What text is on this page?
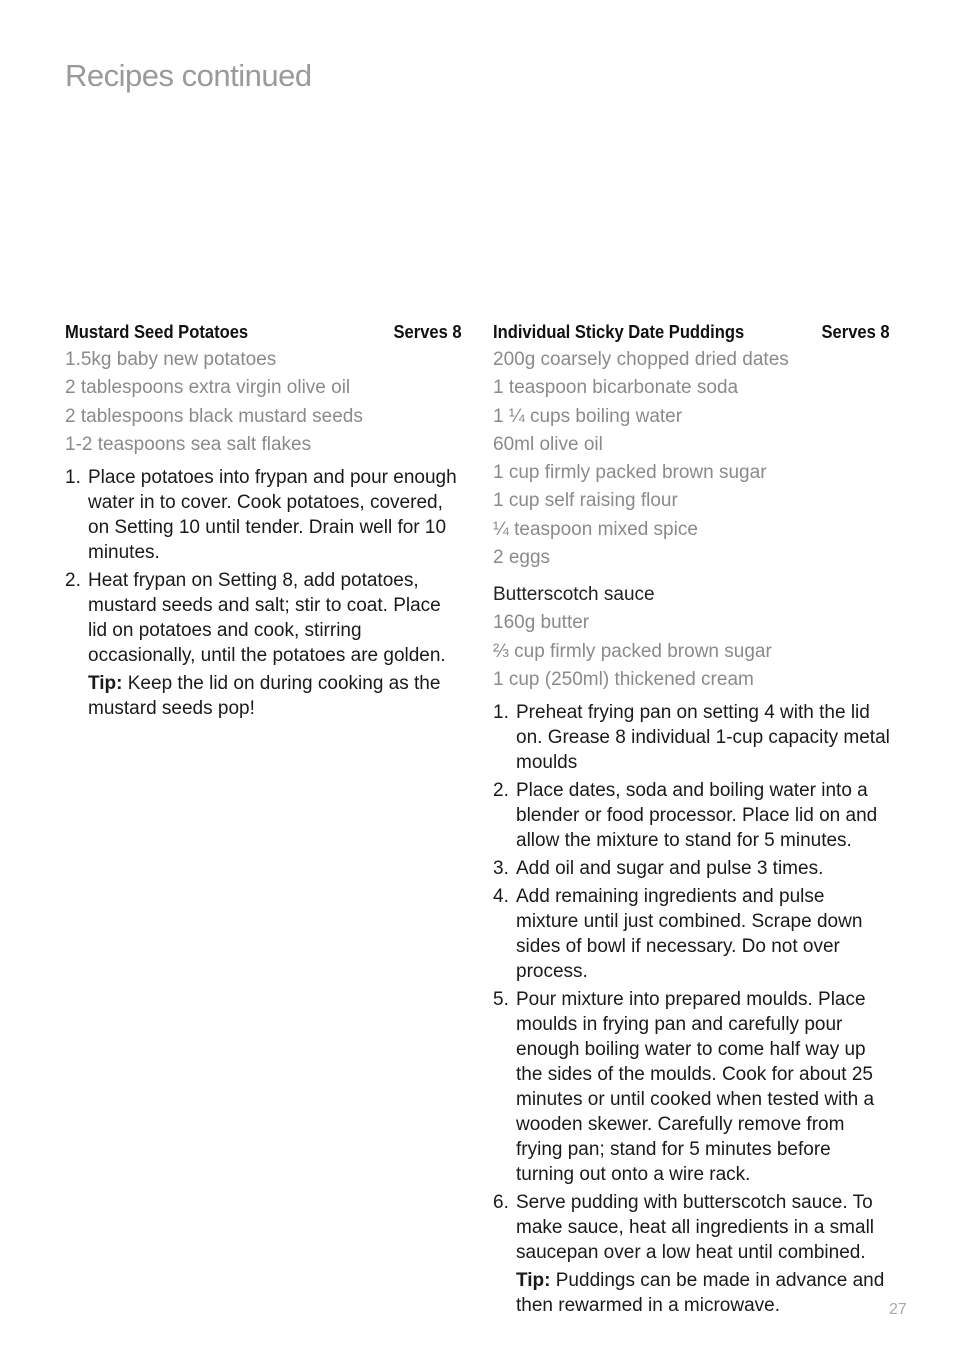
Recipes continued
Mustard Seed Potatoes	Serves 8
1.5kg baby new potatoes
2 tablespoons extra virgin olive oil
2 tablespoons black mustard seeds
1-2 teaspoons sea salt flakes
1. Place potatoes into frypan and pour enough water in to cover. Cook potatoes, covered, on Setting 10 until tender. Drain well for 10 minutes.
2. Heat frypan on Setting 8, add potatoes, mustard seeds and salt; stir to coat. Place lid on potatoes and cook, stirring occasionally, until the potatoes are golden.
Tip: Keep the lid on during cooking as the mustard seeds pop!
Individual Sticky Date Puddings	Serves 8
200g coarsely chopped dried dates
1 teaspoon bicarbonate soda
1 ¼ cups boiling water
60ml olive oil
1 cup firmly packed brown sugar
1 cup self raising flour
¼ teaspoon mixed spice
2 eggs
Butterscotch sauce
160g butter
⅔ cup firmly packed brown sugar
1 cup (250ml) thickened cream
1. Preheat frying pan on setting 4 with the lid on. Grease 8 individual 1-cup capacity metal moulds
2. Place dates, soda and boiling water into a blender or food processor. Place lid on and allow the mixture to stand for 5 minutes.
3. Add oil and sugar and pulse 3 times.
4. Add remaining ingredients and pulse mixture until just combined. Scrape down sides of bowl if necessary. Do not over process.
5. Pour mixture into prepared moulds. Place moulds in frying pan and carefully pour enough boiling water to come half way up the sides of the moulds. Cook for about 25 minutes or until cooked when tested with a wooden skewer. Carefully remove from frying pan; stand for 5 minutes before turning out onto a wire rack.
6. Serve pudding with butterscotch sauce. To make sauce, heat all ingredients in a small saucepan over a low heat until combined.
Tip: Puddings can be made in advance and then rewarmed in a microwave.	27
